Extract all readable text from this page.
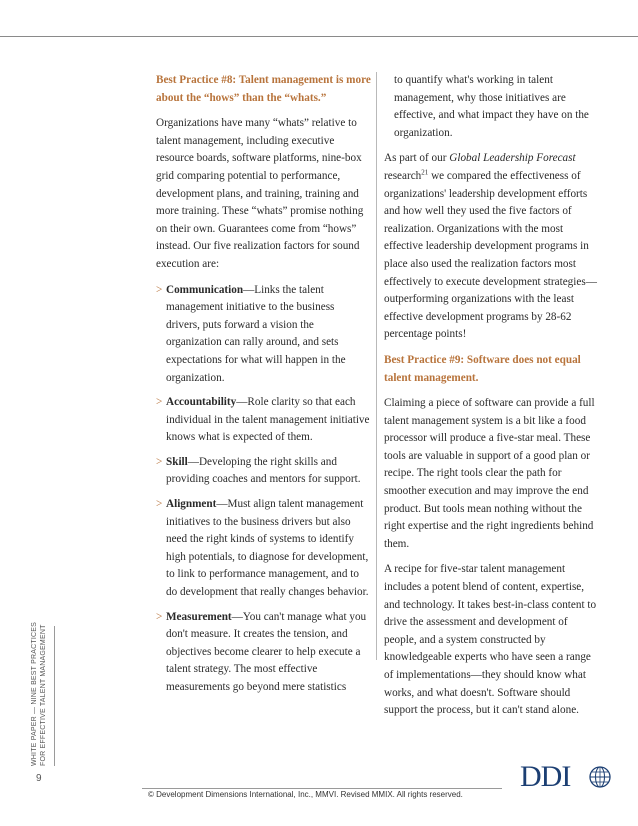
WHITE PAPER — NINE BEST PRACTICES FOR EFFECTIVE TALENT MANAGEMENT
9
Best Practice #8: Talent management is more about the “hows” than the “whats.”

Organizations have many “whats” relative to talent management, including executive resource boards, software platforms, nine-box grid comparing potential to performance, development plans, and training, training and more training. These “whats” promise nothing on their own. Guarantees come from “hows” instead. Our five realization factors for sound execution are:

> Communication—Links the talent management initiative to the business drivers, puts forward a vision the organization can rally around, and sets expectations for what will happen in the organization.
> Accountability—Role clarity so that each individual in the talent management initiative knows what is expected of them.
> Skill—Developing the right skills and providing coaches and mentors for support.
> Alignment—Must align talent management initiatives to the business drivers but also need the right kinds of systems to identify high potentials, to diagnose for development, to link to performance management, and to do development that really changes behavior.
> Measurement—You can't manage what you don't measure. It creates the tension, and objectives become clearer to help execute a talent strategy. The most effective measurements go beyond mere statistics
to quantify what's working in talent management, why those initiatives are effective, and what impact they have on the organization.

As part of our Global Leadership Forecast research$^{21}$ we compared the effectiveness of organizations' leadership development efforts and how well they used the five factors of realization. Organizations with the most effective leadership development programs in place also used the realization factors most effectively to execute development strategies—outperforming organizations with the least effective development programs by 28-62 percentage points!

Best Practice #9: Software does not equal talent management.

Claiming a piece of software can provide a full talent management system is a bit like a food processor will produce a five-star meal. These tools are valuable in support of a good plan or recipe. The right tools clear the path for smoother execution and may improve the end product. But tools mean nothing without the right expertise and the right ingredients behind them.

A recipe for five-star talent management includes a potent blend of content, expertise, and technology. It takes best-in-class content to drive the assessment and development of people, and a system constructed by knowledgeable experts who have seen a range of implementations—they should know what works, and what doesn't. Software should support the process, but it can't stand alone.

© Development Dimensions International, Inc., MMVI. Revised MMIX. All rights reserved.
DDI
